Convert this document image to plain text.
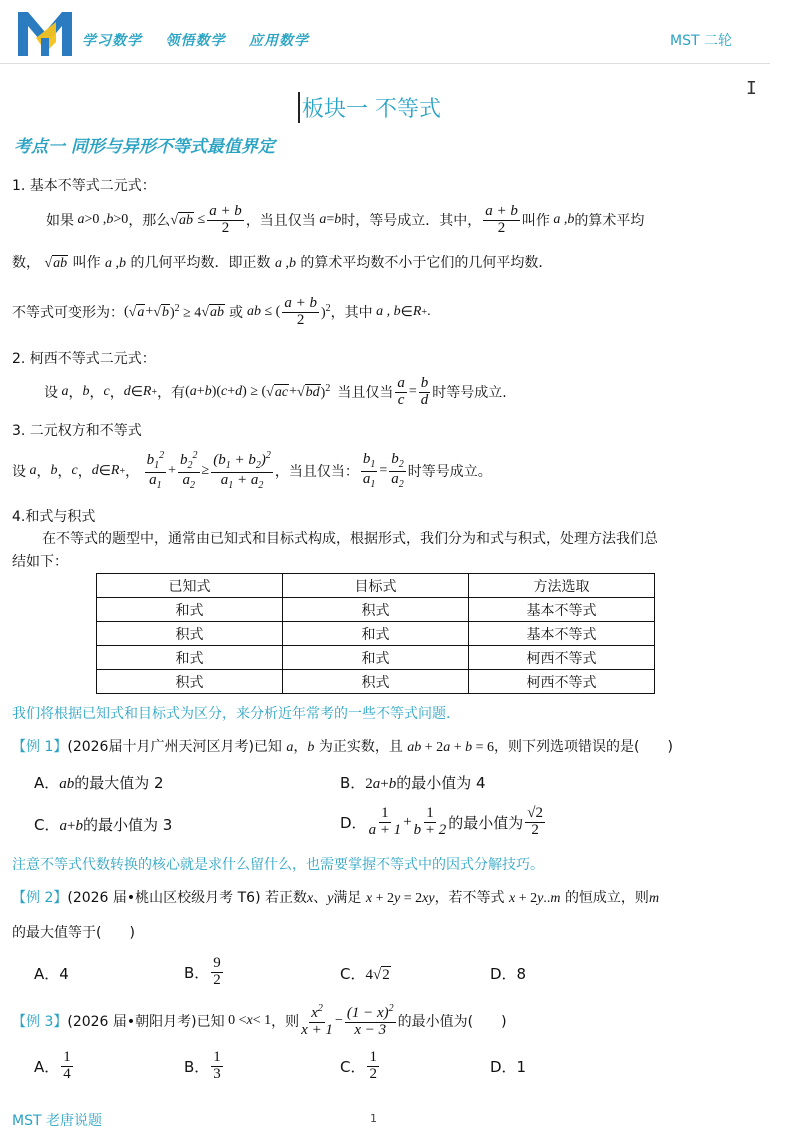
学习数学 领悟数学 应用数学	MST 二轮
I
板块一 不等式
考点一 同形与异形不等式最值界定
1. 基本不等式二元式：
如果 a >0 , b >0 ，那么 $√ab \le \frac{a + b}{2}$ ，当且仅当 a = b 时，等号成立．其中， $\frac{a + b}{2}$ 叫作 a ,b 的算术平均
数， √ab 叫作 a ,b 的几何平均数．即正数 a ,b 的算术平均数不小于它们的几何平均数．
不等式可变形为： ( √a + √b )$^2$ ≥ 4 √ab 或 ab ≤ ( $\frac{a + b}{2} )^2$ ，其中 a , b ∈ R + .
2. 柯西不等式二元式：
设 a ， b ， c ， d ∈ R + ，有 ( a + b )( c + d ) ≥ ( √ac + √bd )$^2$ 当且仅当 $\frac{a}{c} = \frac{b}{d}$ 时等号成立.
3. 二元权方和不等式
设 a ， b ， c ， d ∈ R + ， $\frac{b_1^2}{a_1} + \frac{b_2^2}{a_2} \ge \frac{(b_1 + b_2)^2}{a_1 + a_2}$ ，当且仅当： $\frac{b_1}{a_1} = \frac{b_2}{a_2}$ 时等号成立。
4.和式与积式
在不等式的题型中，通常由已知式和目标式构成，根据形式，我们分为和式与积式，处理方法我们总
结如下：
已知式	目标式	方法选取
和式	积式	基本不等式
积式	和式	基本不等式
和式	和式	柯西不等式
积式	积式	柯西不等式
我们将根据已知式和目标式为区分，来分析近年常考的一些不等式问题.
【例 1】(2026届十月广州天河区月考)已知 a，b 为正实数，且 ab + 2a + b = 6，则下列选项错误的是(　　)
A．ab的最大值为 2	B．2a+b的最小值为 4
C．a+b的最小值为 3	D． $\frac{1}{a + 1} + \frac{1}{b + 2}$ 的最小值为 $\frac{√2}{2}$
注意不等式代数转换的核心就是求什么留什么，也需要掌握不等式中的因式分解技巧。
【例 2】(2026 届•桃山区校级月考 T6) 若正数x、y满足 x + 2y = 2xy，若不等式 x + 2y..m 的恒成立，则m
的最大值等于(　　)
A．4	B． $\frac{9}{2}$	C．4√2	D．8
【例 3】 (2026 届•朝阳月考) 已知 0 < x < 1 ，则 $\frac{x^2}{x + 1} - \frac{(1 - x)^2}{x - 3}$ 的最小值为(　　)
A． $\frac{1}{4}$	B． $\frac{1}{3}$	C． $\frac{1}{2}$	D．1
MST 老唐说题	1
